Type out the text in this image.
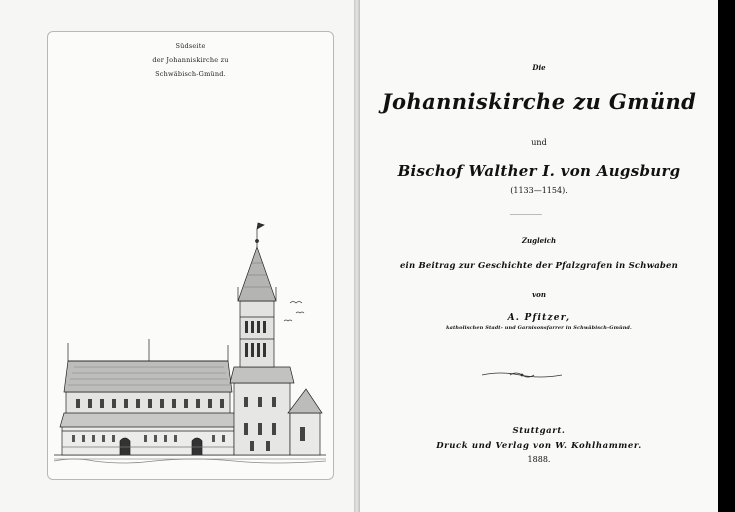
Südseite
der Johanniskirche zu
Schwäbisch-Gmünd.
Die
Johanniskirche zu Gmünd
und
Bischof Walther I. von Augsburg
(1133—1154).
Zugleich
ein Beitrag zur Geschichte der Pfalzgrafen in Schwaben
von
A. Pfitzer,
katholischen Stadt- und Garnisonsfarrer in Schwäbisch-Gmünd.
Stuttgart.
Druck und Verlag von W. Kohlhammer.
1888.
